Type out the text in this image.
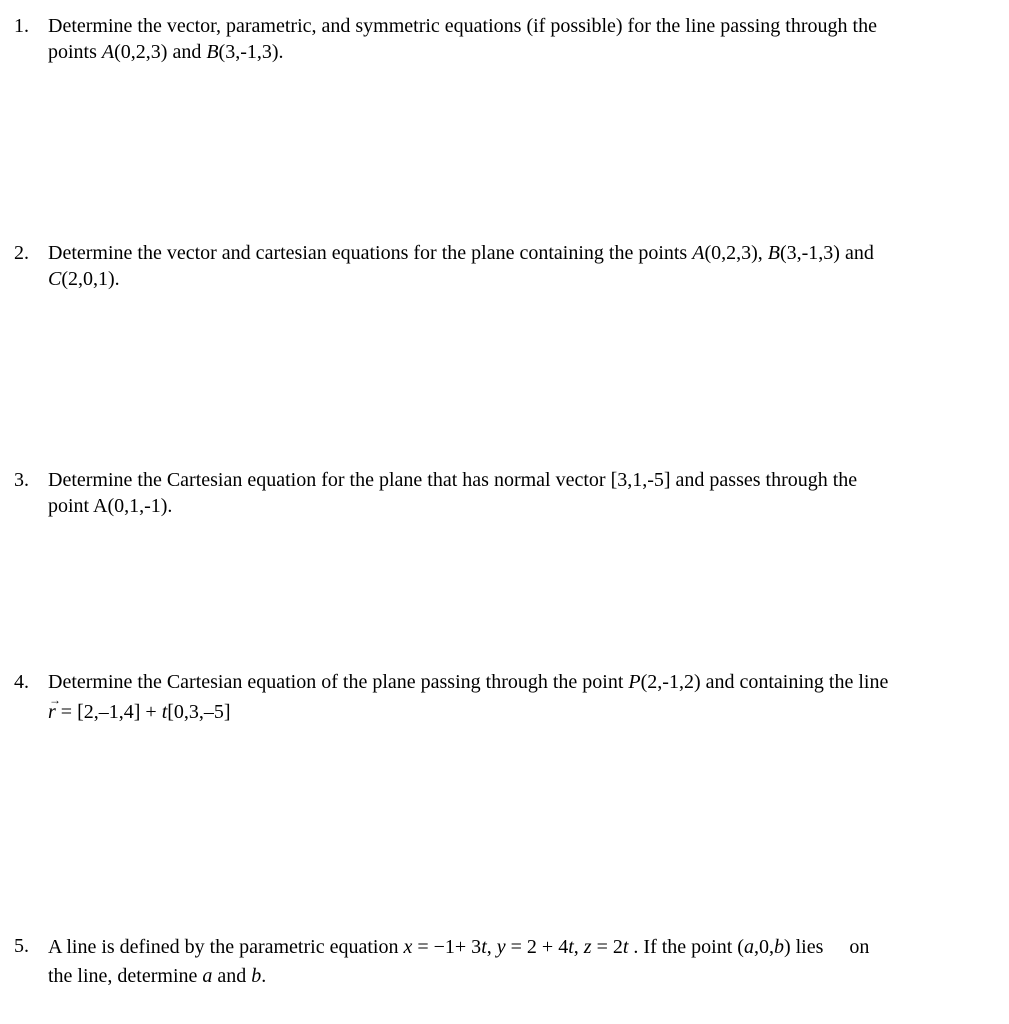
1. Determine the vector, parametric, and symmetric equations (if possible) for the line passing through the
points A(0,2,3) and B(3,-1,3).
2. Determine the vector and cartesian equations for the plane containing the points A(0,2,3), B(3,-1,3) and
C(2,0,1).
3. Determine the Cartesian equation for the plane that has normal vector [3,1,-5] and passes through the
point A(0,1,-1).
4. Determine the Cartesian equation of the plane passing through the point P(2,-1,2) and containing the line
→
r = [2,–1,4] + t[0,3,–5]
5. A line is defined by the parametric equation x = −1+ 3t, y = 2 + 4t, z = 2t . If the point (a,0,b) lies on
the line, determine a and b.
